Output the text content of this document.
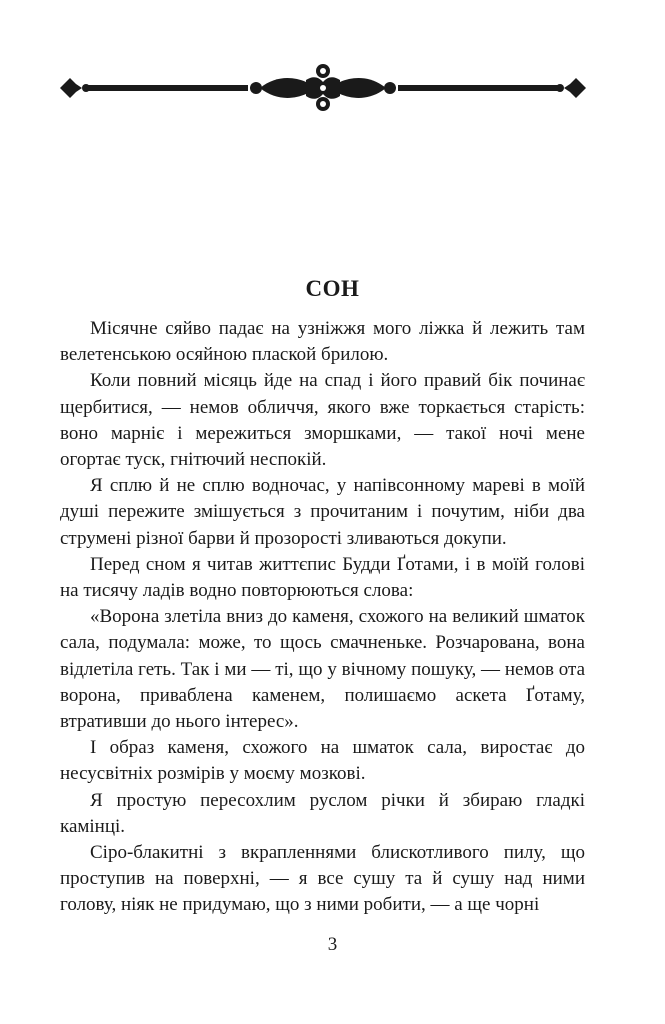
СОН

Місячне сяйво падає на узніжжя мого ліжка й лежить там велетенською осяйною плаской брилою.

Коли повний місяць йде на спад і його правий бік починає щербитися, — немов обличчя, якого вже торкається старість: воно марніє і мережиться зморшками, — такої ночі мене огортає туск, гнітючий неспокій.

Я сплю й не сплю водночас, у напівсонному мареві в моїй душі пережите змішується з прочитаним і почутим, ніби два струмені різної барви й прозорості зливаються докупи.

Перед сном я читав життєпис Будди Ґотами, і в моїй голові на тисячу ладів водно повторюються слова:

«Ворона злетіла вниз до каменя, схожого на великий шматок сала, подумала: може, то щось смачненьке. Розчарована, вона відлетіла геть. Так і ми — ті, що у вічному пошуку, — немов ота ворона, приваблена каменем, полишаємо аскета Ґотаму, втративши до нього інтерес».

І образ каменя, схожого на шматок сала, виростає до несусвітніх розмірів у моєму мозкові.

Я простую пересохлим руслом річки й збираю гладкі камінці.

Сіро-блакитні з вкрапленнями блискотливого пилу, що проступив на поверхні, — я все сушу та й сушу над ними голову, ніяк не придумаю, що з ними робити, — а ще чорні

3
